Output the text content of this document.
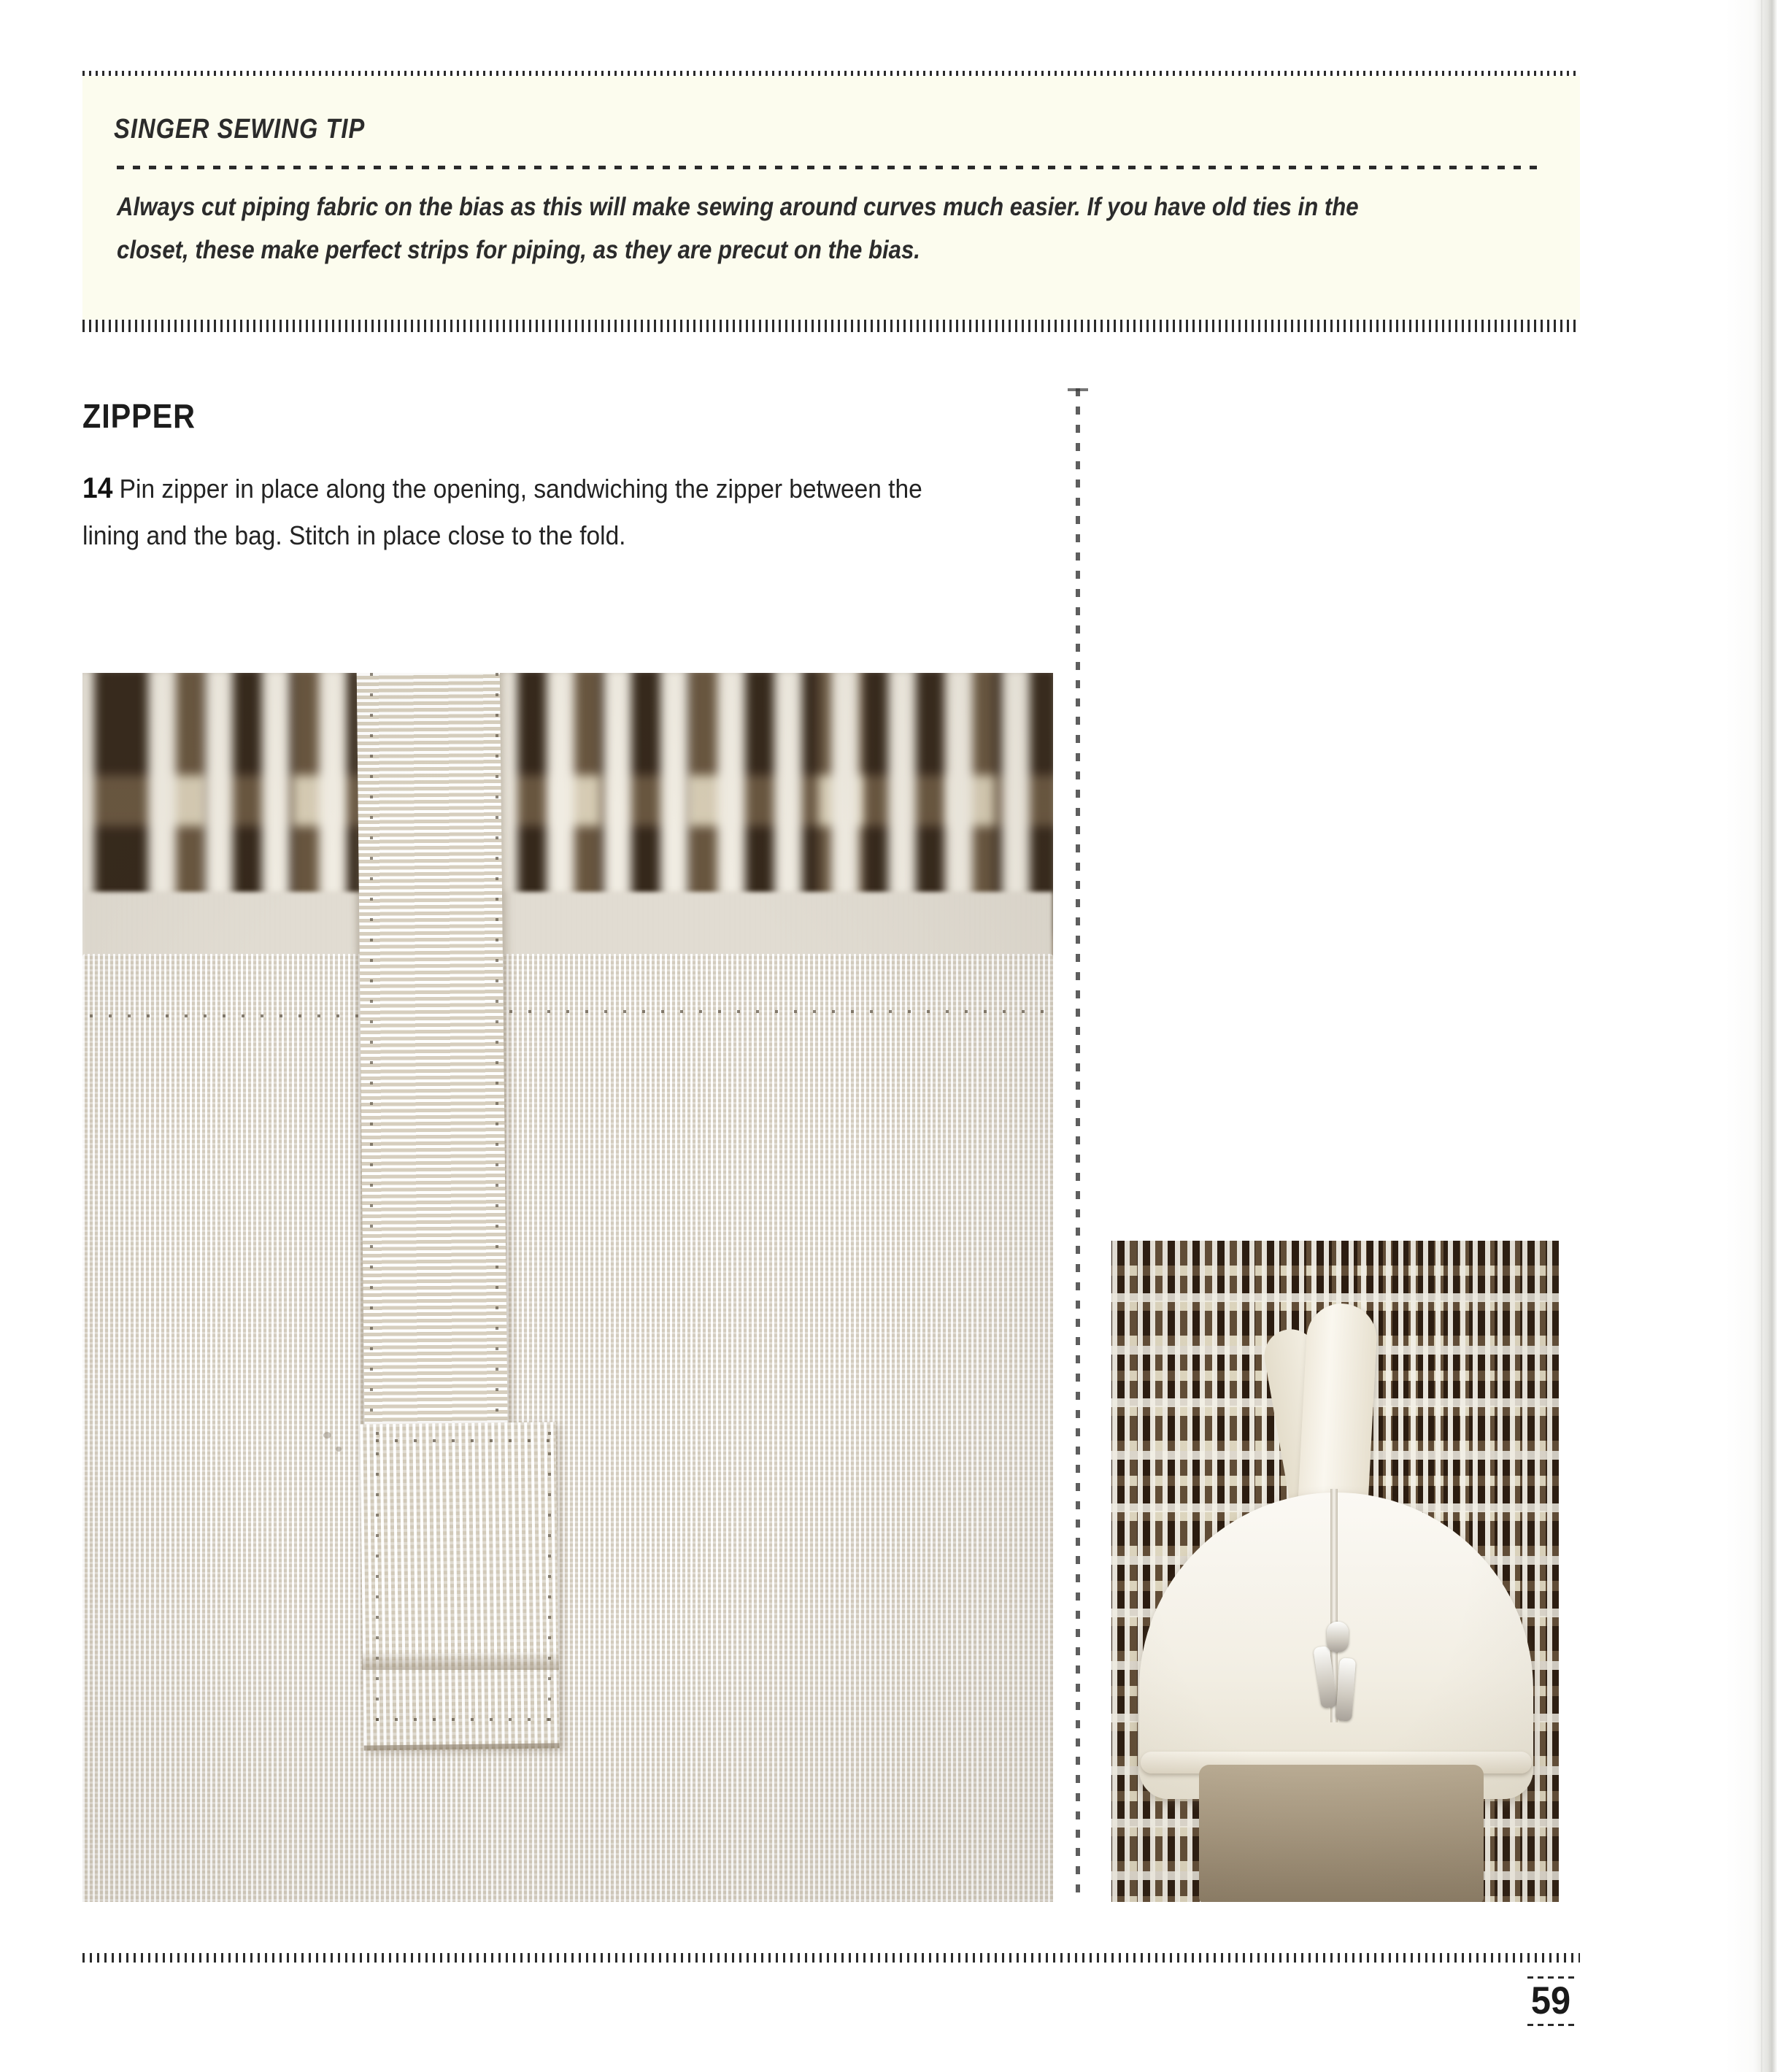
SINGER SEWING TIP
Always cut piping fabric on the bias as this will make sewing around curves much easier. If you have old ties in the closet, these make perfect strips for piping, as they are precut on the bias.
ZIPPER
14 Pin zipper in place along the opening, sandwiching the zipper between the lining and the bag. Stitch in place close to the fold.
59
